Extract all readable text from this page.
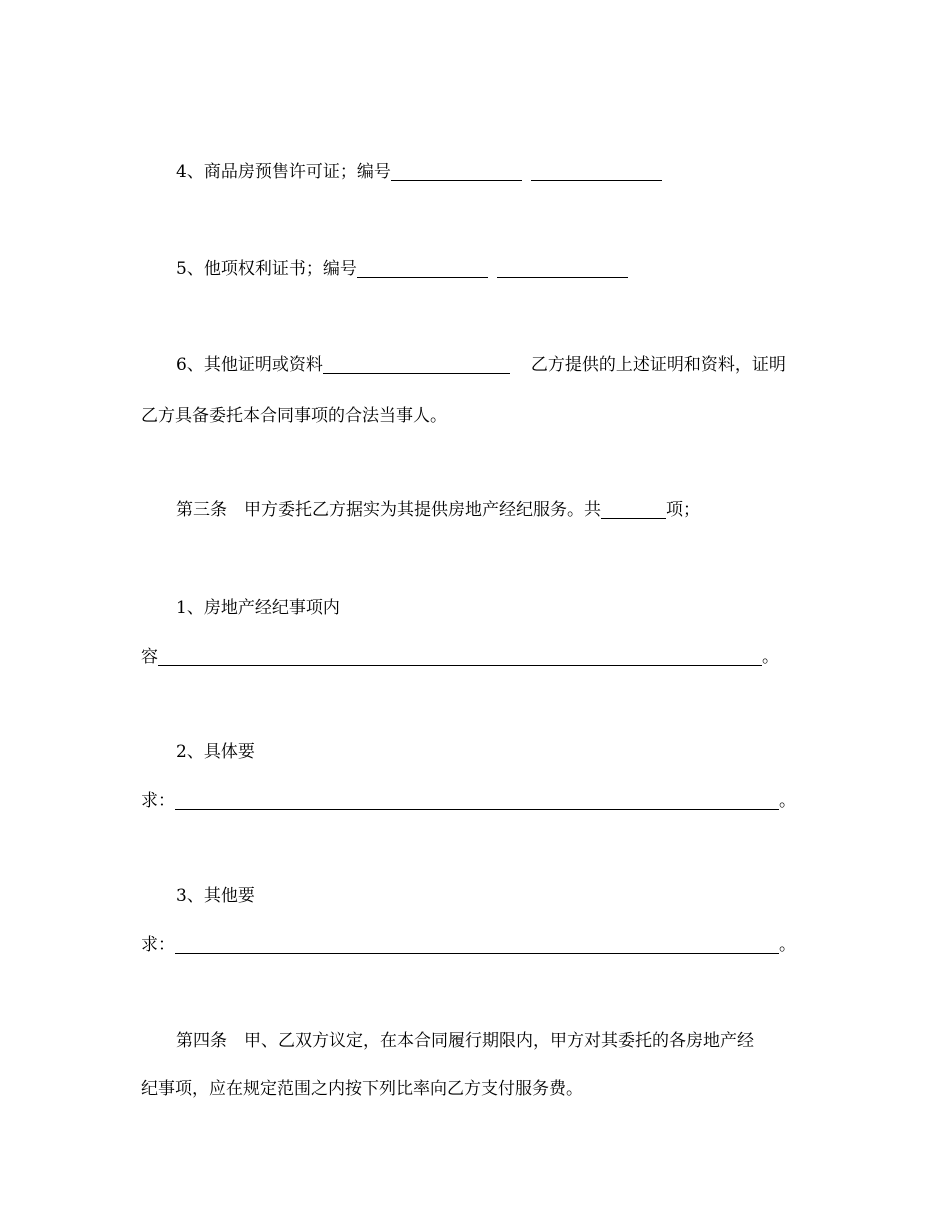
4、商品房预售许可证；编号
5、他项权利证书；编号
6、其他证明或资料	乙方提供的上述证明和资料，证明
乙方具备委托本合同事项的合法当事人。
第三条　甲方委托乙方据实为其提供房地产经纪服务。共	项；
1、房地产经纪事项内
容	。
2、具体要
求：	。
3、其他要
求：	。
第四条　甲、乙双方议定，在本合同履行期限内，甲方对其委托的各房地产经
纪事项，应在规定范围之内按下列比率向乙方支付服务费。
